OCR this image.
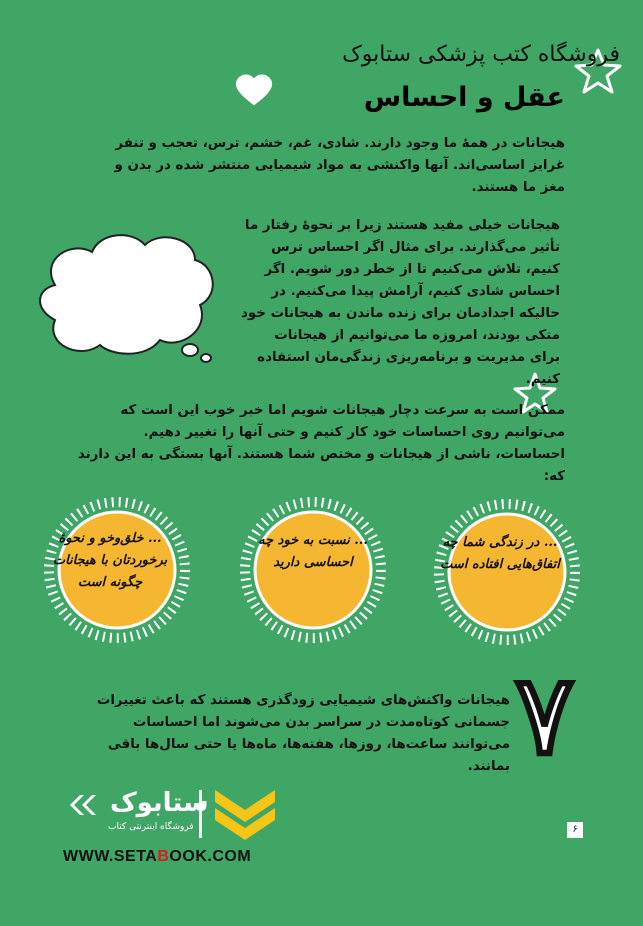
۷
فروشگاه کتب پزشکی ستابوک
عقل و احساس
هیجانات در همهٔ ما وجود دارند. شادی، غم، خشم، ترس، تعجب و تنفر غرایز اساسی‌اند. آنها واکنشی به مواد شیمیایی منتشر شده در بدن و مغز ما هستند.
هیجانات خیلی مفید هستند زیرا بر نحوهٔ رفتار ما تأثیر می‌گذارند. برای مثال اگر احساس ترس کنیم، تلاش می‌کنیم تا از خطر دور شویم. اگر احساس شادی کنیم، آرامش پیدا می‌کنیم. در حالیکه اجدادمان برای زنده ماندن به هیجانات خود متکی بودند، امروزه ما می‌توانیم از هیجانات برای مدیریت و برنامه‌ریزی زندگی‌مان استفاده کنیم.
ممکن است به سرعت دچار هیجانات شویم اما خبر خوب این است که می‌توانیم روی احساسات خود کار کنیم و حتی آنها را تغییر دهیم. احساسات، ناشی از هیجانات و مختص شما هستند. آنها بستگی به این دارند که:
هیجانات واکنش‌های شیمیایی زودگذری هستند که باعث تغییرات جسمانی کوتاه‌مدت در سراسر بدن می‌شوند اما احساسات می‌توانند ساعت‌ها، روزها، هفته‌ها، ماه‌ها یا حتی سال‌ها باقی بمانند.
... خلق‌وخو و نحوهٔ برخوردتان با هیجانات چگونه است
... نسبت به خود چه احساسی دارید
... در زندگی شما چه اتفاق‌هایی افتاده است
ستابوک
فروشگاه اینترنتی کتاب
WWW.SETABOOK.COM
۶
